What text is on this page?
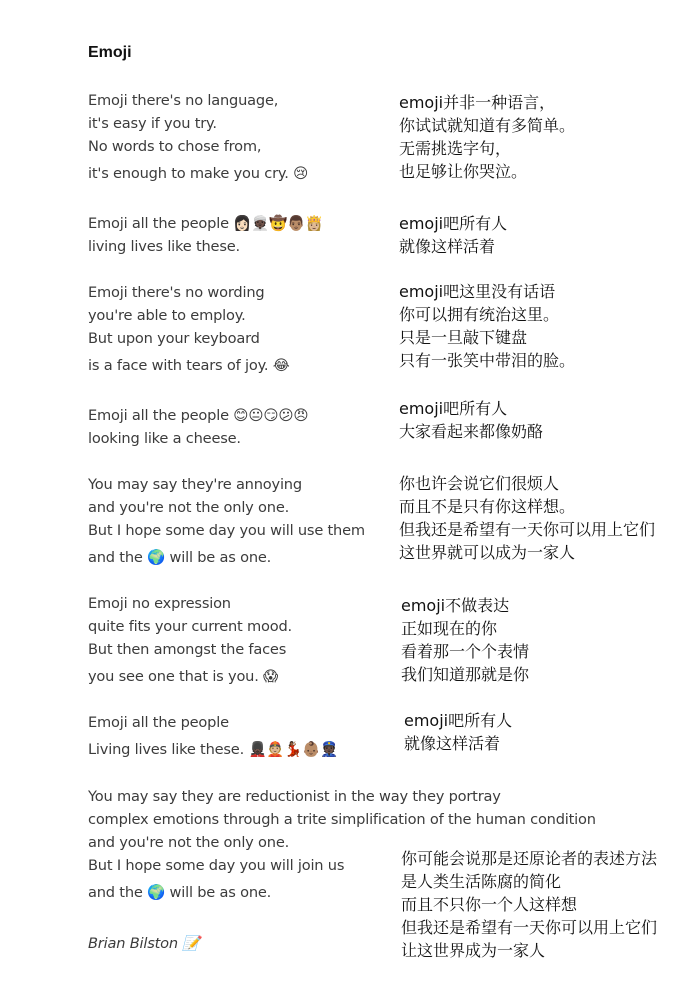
Emoji
Emoji there's no language,
it's easy if you try.
No words to chose from,
it's enough to make you cry. 😢
emoji并非一种语言，
你试试就知道有多简单。
无需挑选字句，
也足够让你哭泣。
Emoji all the people 👩🏻👳🏿🤠👨🏽👸🏼
living lives like these.
emoji吧所有人
就像这样活着
Emoji there's no wording
you're able to employ.
But upon your keyboard
is a face with tears of joy. 😂
emoji吧这里没有话语
你可以拥有统治这里。
只是一旦敲下键盘
只有一张笑中带泪的脸。
Emoji all the people 😊😐😏😕😠
looking like a cheese.
emoji吧所有人
大家看起来都像奶酪
You may say they're annoying
and you're not the only one.
But I hope some day you will use them
and the 🌍 will be as one.
你也许会说它们很烦人
而且不是只有你这样想。
但我还是希望有一天你可以用上它们
这世界就可以成为一家人
Emoji no expression
quite fits your current mood.
But then amongst the faces
you see one that is you. 😱
emoji不做表达
正如现在的你
看着那一个个表情
我们知道那就是你
Emoji all the people
Living lives like these. 💂🏿👲🏼💃🏾👶🏽👮🏿
emoji吧所有人
就像这样活着
You may say they are reductionist in the way they portray
complex emotions through a trite simplification of the human condition
and you're not the only one.
But I hope some day you will join us
and the 🌍 will be as one.
你可能会说那是还原论者的表述方法
是人类生活陈腐的简化
而且不只你一个人这样想
但我还是希望有一天你可以用上它们
让这世界成为一家人
Brian Bilston 📝
